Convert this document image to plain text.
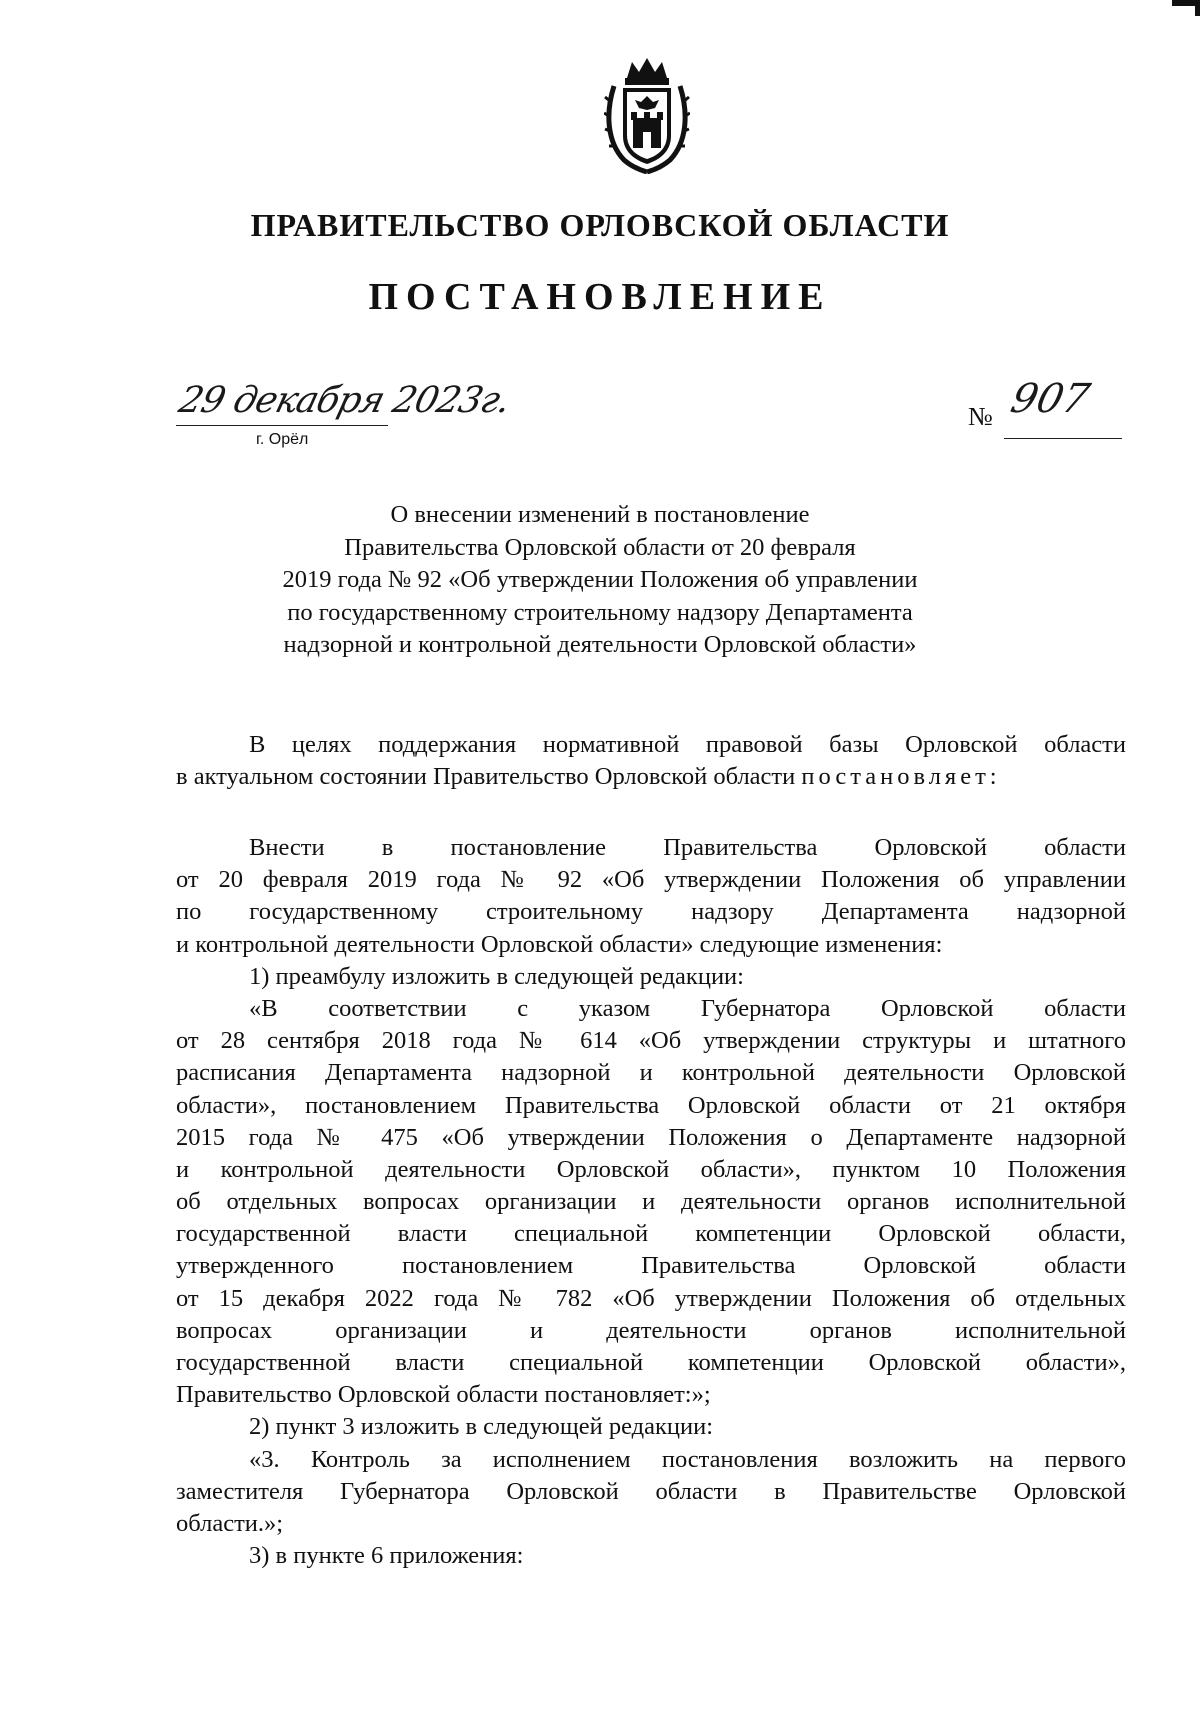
ПРАВИТЕЛЬСТВО ОРЛОВСКОЙ ОБЛАСТИ
ПОСТАНОВЛЕНИЕ
29 декабря 2023г.
г. Орёл
№ 907
О внесении изменений в постановление
Правительства Орловской области от 20 февраля
2019 года № 92 «Об утверждении Положения об управлении
по государственному строительному надзору Департамента
надзорной и контрольной деятельности Орловской области»
В целях поддержания нормативной правовой базы Орловской области
в актуальном состоянии Правительство Орловской области постановляет:
Внести в постановление Правительства Орловской области
от 20 февраля 2019 года № 92 «Об утверждении Положения об управлении
по государственному строительному надзору Департамента надзорной
и контрольной деятельности Орловской области» следующие изменения:
1) преамбулу изложить в следующей редакции:
«В соответствии с указом Губернатора Орловской области
от 28 сентября 2018 года № 614 «Об утверждении структуры и штатного
расписания Департамента надзорной и контрольной деятельности Орловской
области», постановлением Правительства Орловской области от 21 октября
2015 года № 475 «Об утверждении Положения о Департаменте надзорной
и контрольной деятельности Орловской области», пунктом 10 Положения
об отдельных вопросах организации и деятельности органов исполнительной
государственной власти специальной компетенции Орловской области,
утвержденного постановлением Правительства Орловской области
от 15 декабря 2022 года № 782 «Об утверждении Положения об отдельных
вопросах организации и деятельности органов исполнительной
государственной власти специальной компетенции Орловской области»,
Правительство Орловской области постановляет:»;
2) пункт 3 изложить в следующей редакции:
«3. Контроль за исполнением постановления возложить на первого
заместителя Губернатора Орловской области в Правительстве Орловской
области.»;
3) в пункте 6 приложения:
